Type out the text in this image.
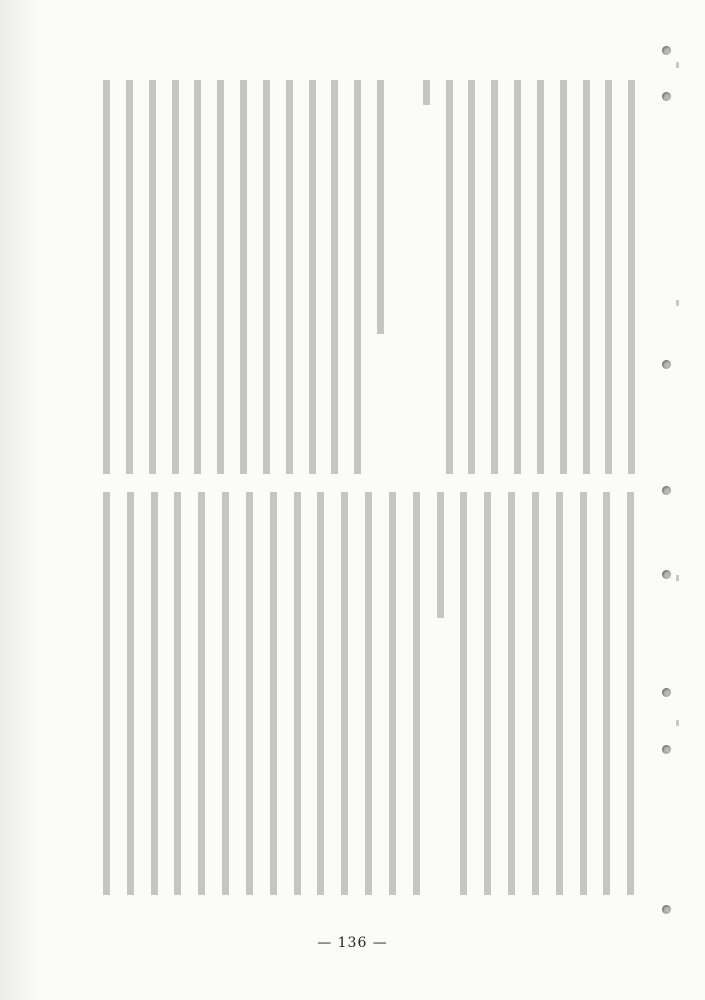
— 136 —
